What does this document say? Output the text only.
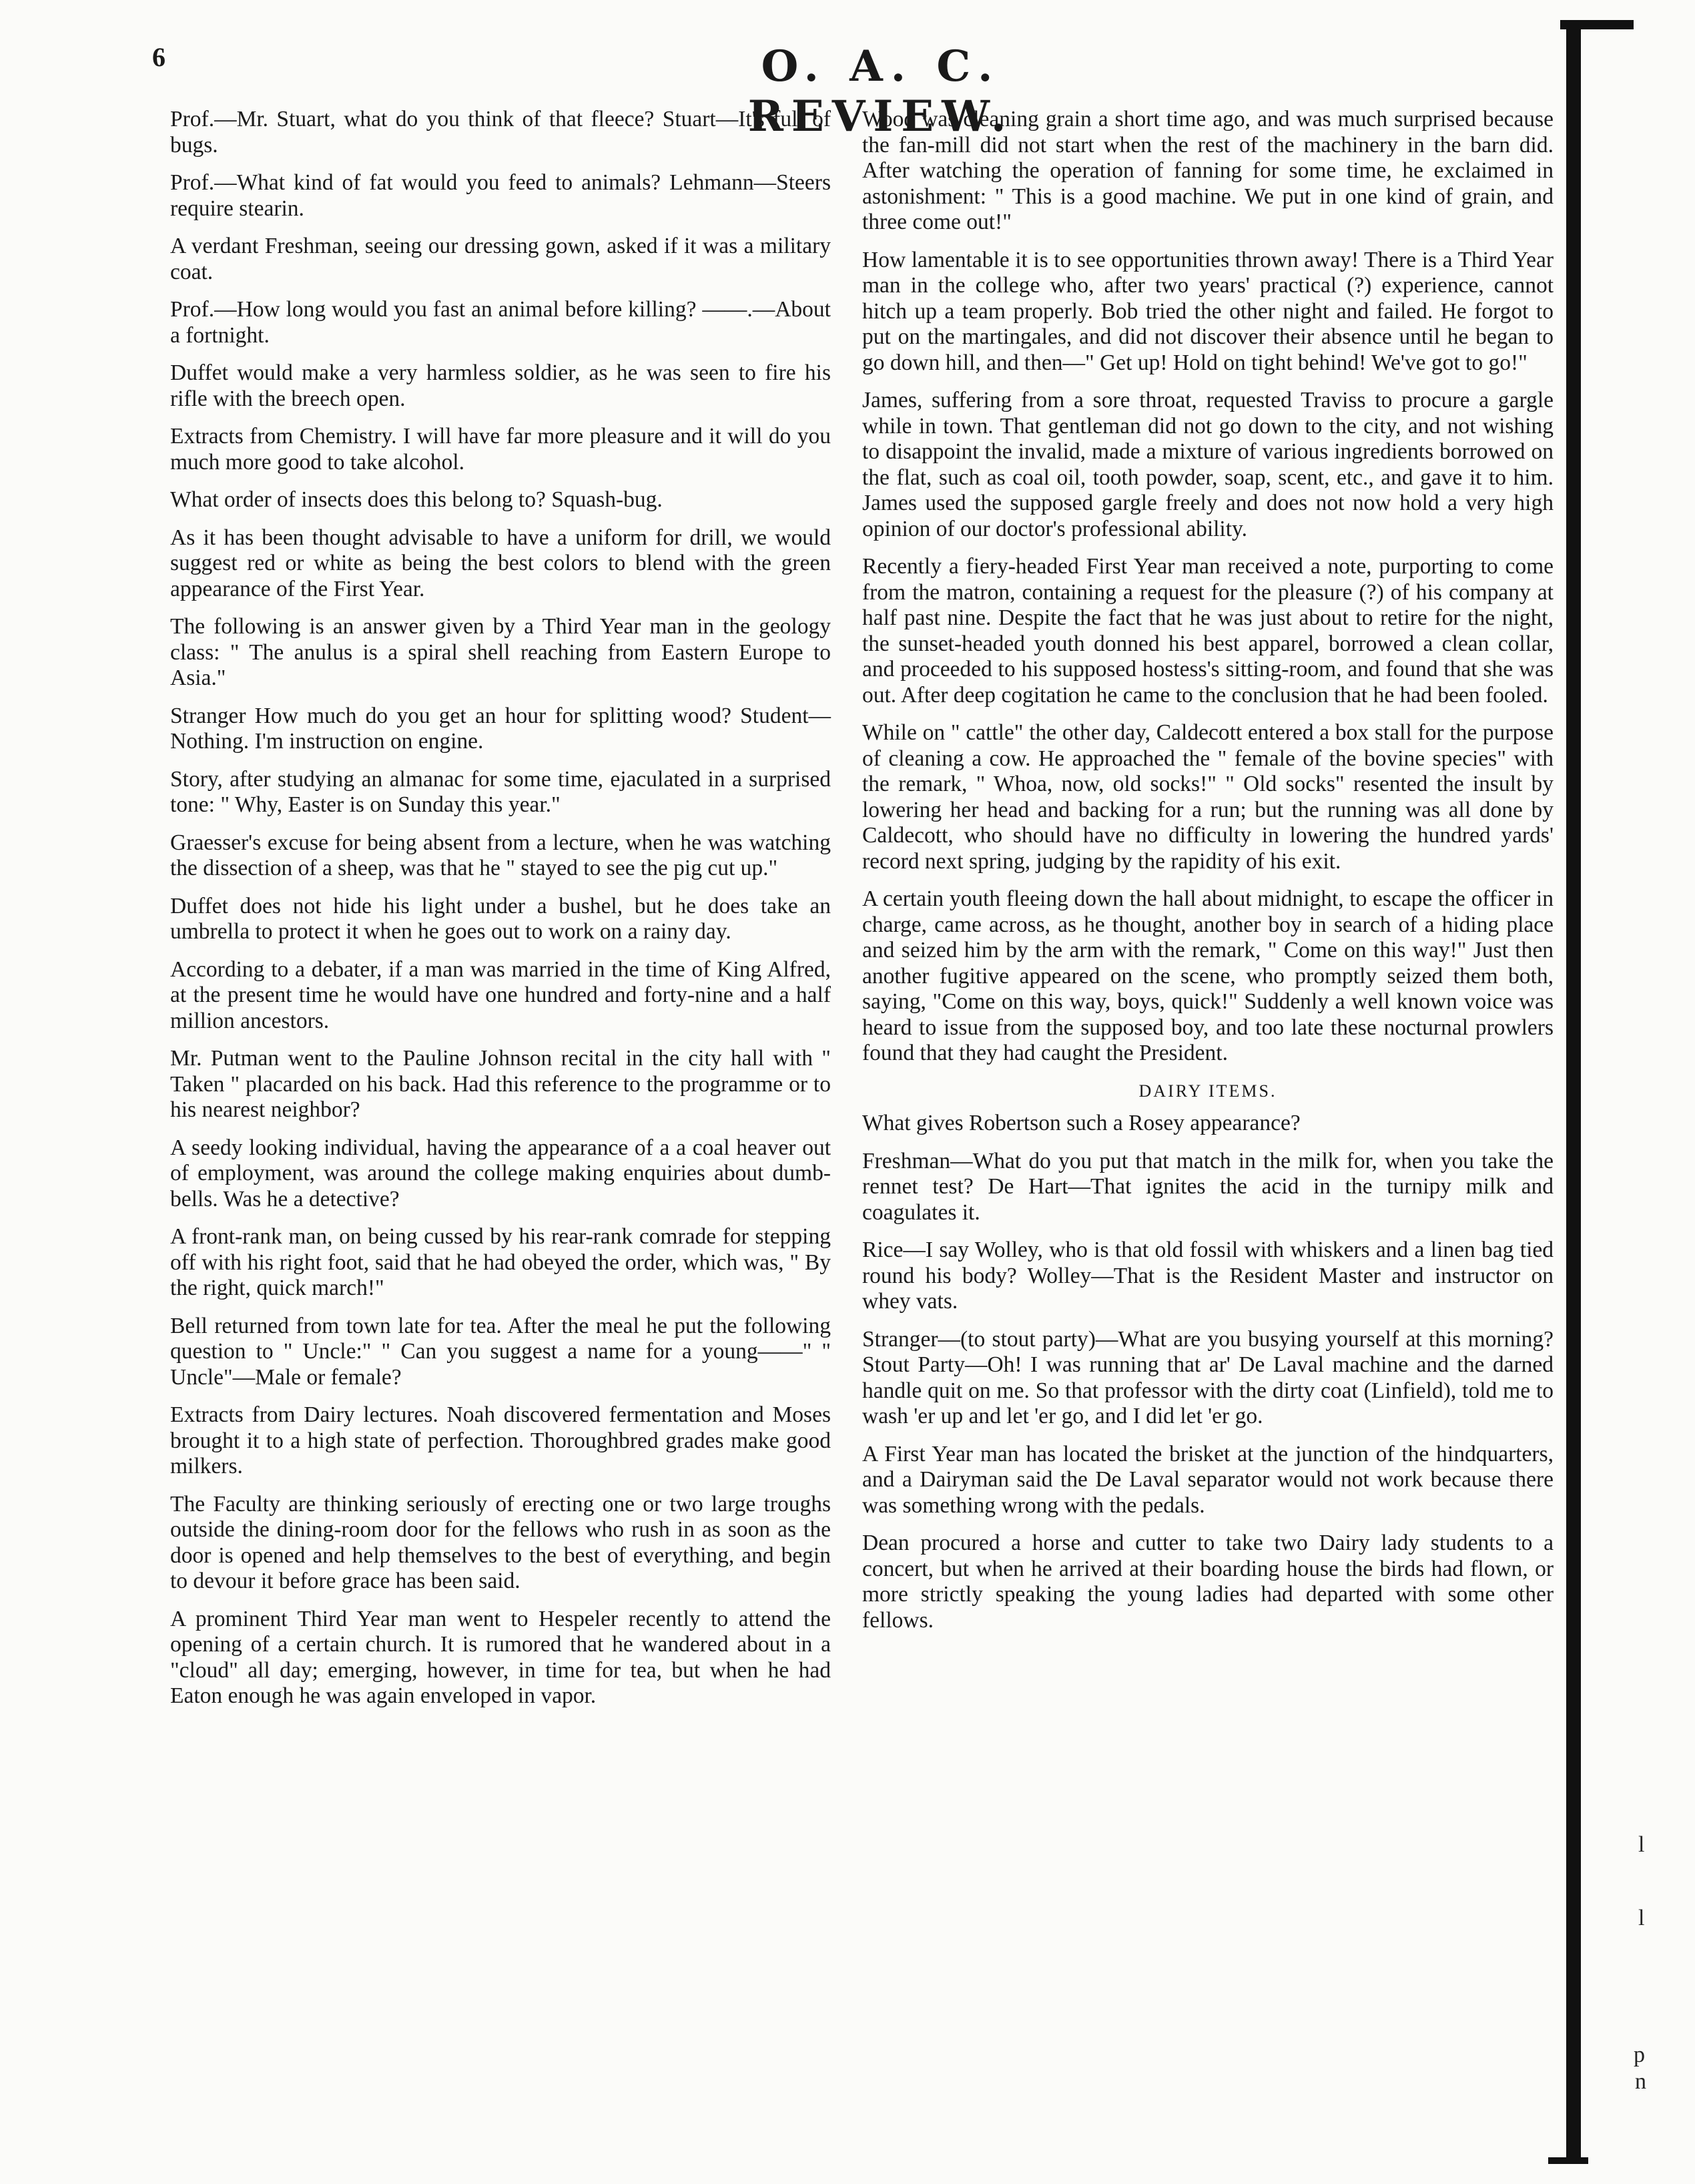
6	O. A. C. REVIEW.

Prof.—Mr. Stuart, what do you think of that fleece? Stuart—It's full of bugs.

Prof.—What kind of fat would you feed to animals? Lehmann—Steers require stearin.

A verdant Freshman, seeing our dressing gown, asked if it was a military coat.

Prof.—How long would you fast an animal before killing? ——.—About a fortnight.

Duffet would make a very harmless soldier, as he was seen to fire his rifle with the breech open.

Extracts from Chemistry. I will have far more pleasure and it will do you much more good to take alcohol.

What order of insects does this belong to? Squash-bug.

As it has been thought advisable to have a uniform for drill, we would suggest red or white as being the best colors to blend with the green appearance of the First Year.

The following is an answer given by a Third Year man in the geology class: " The anulus is a spiral shell reaching from Eastern Europe to Asia."

Stranger How much do you get an hour for splitting wood? Student—Nothing. I'm instruction on engine.

Story, after studying an almanac for some time, ejaculated in a surprised tone: " Why, Easter is on Sunday this year."

Graesser's excuse for being absent from a lecture, when he was watching the dissection of a sheep, was that he " stayed to see the pig cut up."

Duffet does not hide his light under a bushel, but he does take an umbrella to protect it when he goes out to work on a rainy day.

According to a debater, if a man was married in the time of King Alfred, at the present time he would have one hundred and forty-nine and a half million ancestors.

Mr. Putman went to the Pauline Johnson recital in the city hall with " Taken " placarded on his back. Had this reference to the programme or to his nearest neighbor?

A seedy looking individual, having the appearance of a a coal heaver out of employment, was around the college making enquiries about dumb-bells. Was he a detective?

A front-rank man, on being cussed by his rear-rank comrade for stepping off with his right foot, said that he had obeyed the order, which was, " By the right, quick march!"

Bell returned from town late for tea. After the meal he put the following question to " Uncle:" " Can you suggest a name for a young——" " Uncle"—Male or female?

Extracts from Dairy lectures. Noah discovered fermentation and Moses brought it to a high state of perfection. Thoroughbred grades make good milkers.

The Faculty are thinking seriously of erecting one or two large troughs outside the dining-room door for the fellows who rush in as soon as the door is opened and help themselves to the best of everything, and begin to devour it before grace has been said.

A prominent Third Year man went to Hespeler recently to attend the opening of a certain church. It is rumored that he wandered about in a "cloud" all day; emerging, however, in time for tea, but when he had Eaton enough he was again enveloped in vapor.

Wood was cleaning grain a short time ago, and was much surprised because the fan-mill did not start when the rest of the machinery in the barn did. After watching the operation of fanning for some time, he exclaimed in astonishment: " This is a good machine. We put in one kind of grain, and three come out!"

How lamentable it is to see opportunities thrown away! There is a Third Year man in the college who, after two years' practical (?) experience, cannot hitch up a team properly. Bob tried the other night and failed. He forgot to put on the martingales, and did not discover their absence until he began to go down hill, and then—" Get up! Hold on tight behind! We've got to go!"

James, suffering from a sore throat, requested Traviss to procure a gargle while in town. That gentleman did not go down to the city, and not wishing to disappoint the invalid, made a mixture of various ingredients borrowed on the flat, such as coal oil, tooth powder, soap, scent, etc., and gave it to him. James used the supposed gargle freely and does not now hold a very high opinion of our doctor's professional ability.

Recently a fiery-headed First Year man received a note, purporting to come from the matron, containing a request for the pleasure (?) of his company at half past nine. Despite the fact that he was just about to retire for the night, the sunset-headed youth donned his best apparel, borrowed a clean collar, and proceeded to his supposed hostess's sitting-room, and found that she was out. After deep cogitation he came to the conclusion that he had been fooled.

While on " cattle" the other day, Caldecott entered a box stall for the purpose of cleaning a cow. He approached the " female of the bovine species" with the remark, " Whoa, now, old socks!" " Old socks" resented the insult by lowering her head and backing for a run; but the running was all done by Caldecott, who should have no difficulty in lowering the hundred yards' record next spring, judging by the rapidity of his exit.

A certain youth fleeing down the hall about midnight, to escape the officer in charge, came across, as he thought, another boy in search of a hiding place and seized him by the arm with the remark, " Come on this way!" Just then another fugitive appeared on the scene, who promptly seized them both, saying, "Come on this way, boys, quick!" Suddenly a well known voice was heard to issue from the supposed boy, and too late these nocturnal prowlers found that they had caught the President.

DAIRY ITEMS.

What gives Robertson such a Rosey appearance?

Freshman—What do you put that match in the milk for, when you take the rennet test? De Hart—That ignites the acid in the turnipy milk and coagulates it.

Rice—I say Wolley, who is that old fossil with whiskers and a linen bag tied round his body? Wolley—That is the Resident Master and instructor on whey vats.

Stranger—(to stout party)—What are you busying yourself at this morning? Stout Party—Oh! I was running that ar' De Laval machine and the darned handle quit on me. So that professor with the dirty coat (Linfield), told me to wash 'er up and let 'er go, and I did let 'er go.

A First Year man has located the brisket at the junction of the hindquarters, and a Dairyman said the De Laval separator would not work because there was something wrong with the pedals.

Dean procured a horse and cutter to take two Dairy lady students to a concert, but when he arrived at their boarding house the birds had flown, or more strictly speaking the young ladies had departed with some other fellows.

l
l
p
n
